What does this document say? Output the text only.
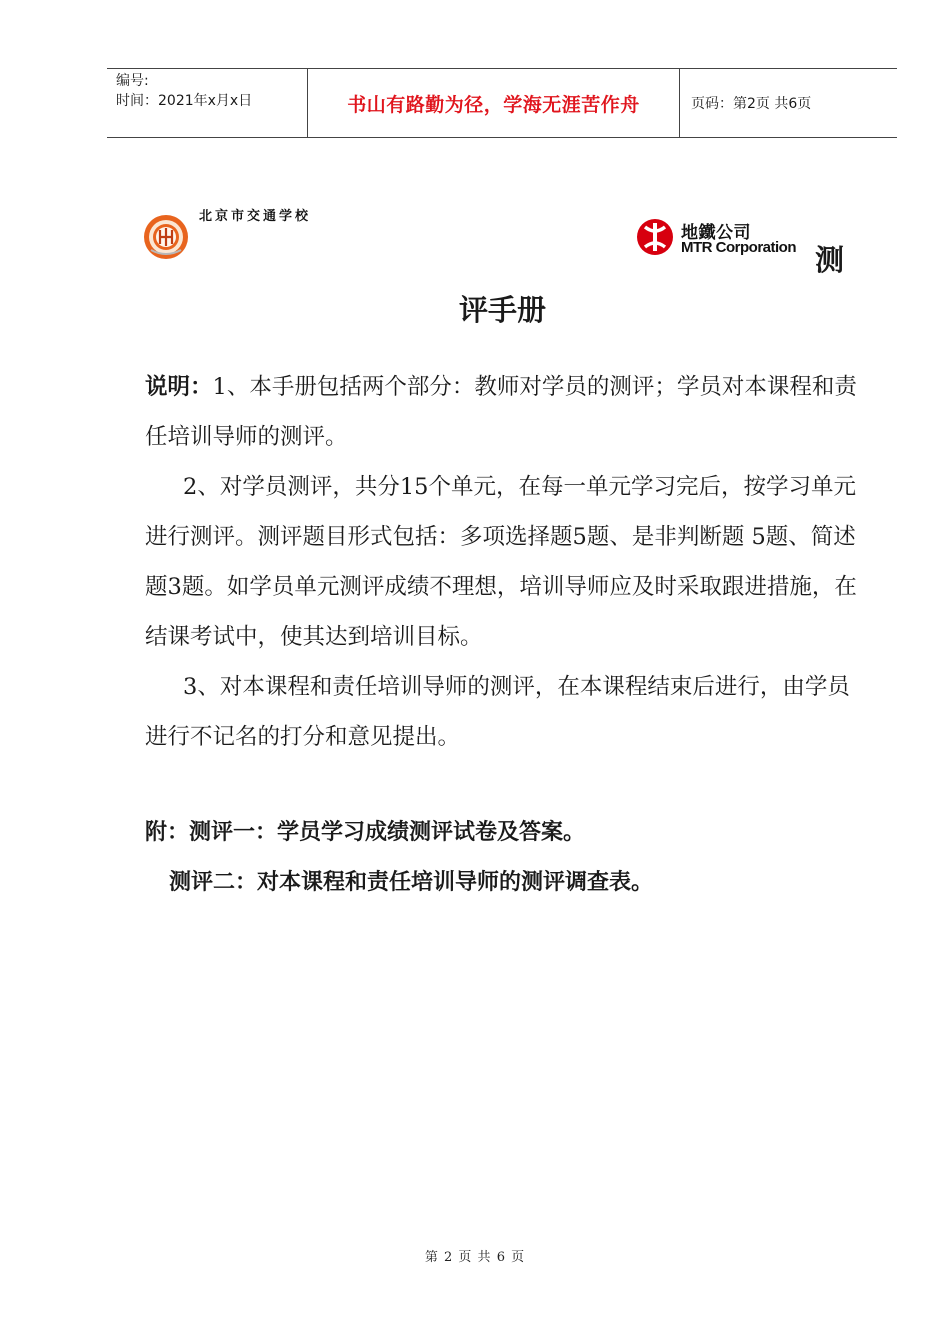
编号:
时间：2021年x月x日	书山有路勤为径，学海无涯苦作舟	页码：第2页 共6页
北京市交通学校
地鐵公司
MTR Corporation 测
评手册

说明：1、本手册包括两个部分：教师对学员的测评；学员对本课程和责任培训导师的测评。

2、对学员测评，共分15个单元，在每一单元学习完后，按学习单元进行测评。测评题目形式包括：多项选择题5题、是非判断题 5题、简述题3题。如学员单元测评成绩不理想，培训导师应及时采取跟进措施，在结课考试中，使其达到培训目标。

3、对本课程和责任培训导师的测评，在本课程结束后进行，由学员进行不记名的打分和意见提出。

附：测评一：学员学习成绩测评试卷及答案。

测评二：对本课程和责任培训导师的测评调查表。

第 2 页 共 6 页
